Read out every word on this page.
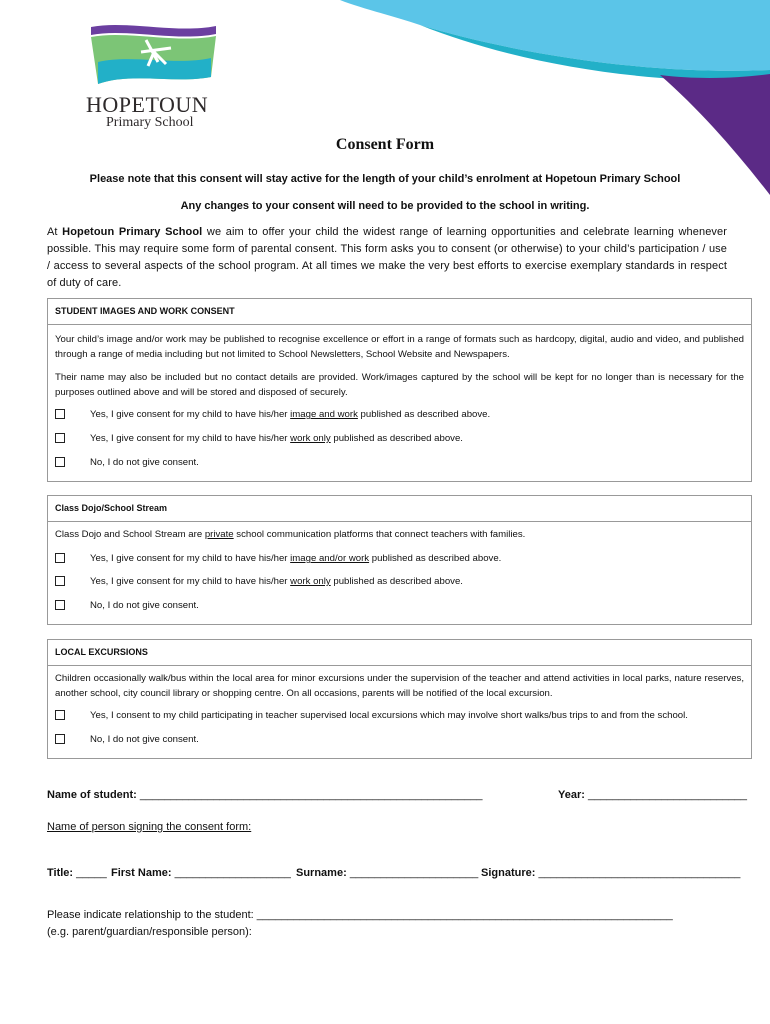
HOPETOUN
Primary School
Consent Form
Please note that this consent will stay active for the length of your child’s enrolment at Hopetoun Primary School
Any changes to your consent will need to be provided to the school in writing.
At Hopetoun Primary School we aim to offer your child the widest range of learning opportunities and celebrate learning whenever possible. This may require some form of parental consent. This form asks you to consent (or otherwise) to your child’s participation / use / access to several aspects of the school program. At all times we make the very best efforts to exercise exemplary standards in respect of duty of care.
STUDENT IMAGES AND WORK CONSENT
Your child’s image and/or work may be published to recognise excellence or effort in a range of formats such as hardcopy, digital, audio and video, and published through a range of media including but not limited to School Newsletters, School Website and Newspapers.
Their name may also be included but no contact details are provided. Work/images captured by the school will be kept for no longer than is necessary for the purposes outlined above and will be stored and disposed of securely.
Yes, I give consent for my child to have his/her image and work published as described above.
Yes, I give consent for my child to have his/her work only published as described above.
No, I do not give consent.
Class Dojo/School Stream
Class Dojo and School Stream are private school communication platforms that connect teachers with families.
Yes, I give consent for my child to have his/her image and/or work published as described above.
Yes, I give consent for my child to have his/her work only published as described above.
No, I do not give consent.
LOCAL EXCURSIONS
Children occasionally walk/bus within the local area for minor excursions under the supervision of the teacher and attend activities in local parks, nature reserves, another school, city council library or shopping centre. On all occasions, parents will be notified of the local excursion.
Yes, I consent to my child participating in teacher supervised local excursions which may involve short walks/bus trips to and from the school.
No, I do not give consent.
Name of student: ________________________________________________________	Year: __________________________
Name of person signing the consent form:
Title: _____ First Name: ___________________ Surname: _____________________ Signature: _________________________________
Please indicate relationship to the student: ____________________________________________________________________
(e.g. parent/guardian/responsible person):
